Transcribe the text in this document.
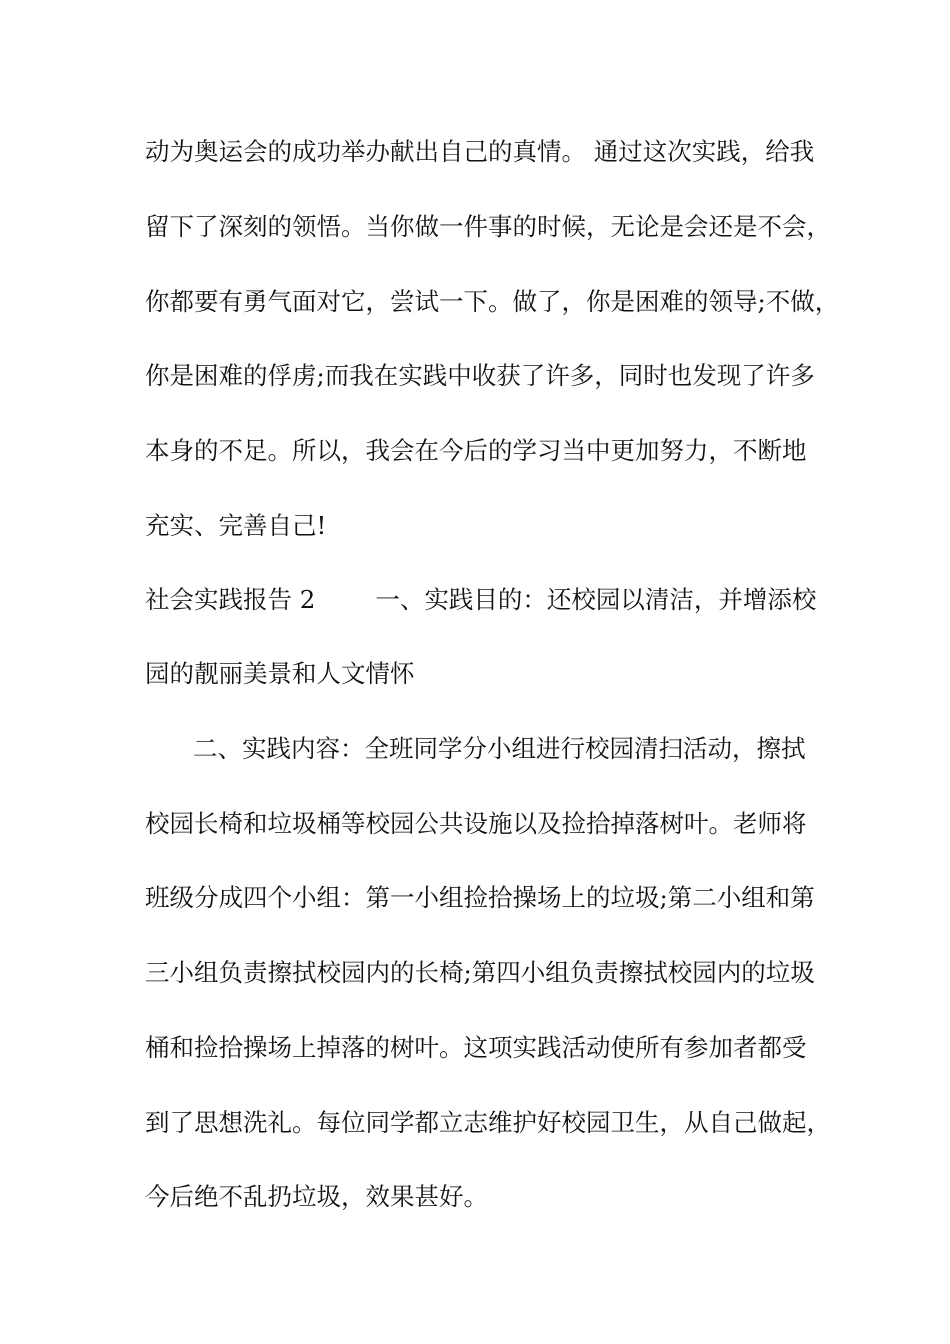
动为奥运会的成功举办献出自己的真情。 通过这次实践，给我
留下了深刻的领悟。当你做一件事的时候，无论是会还是不会，
你都要有勇气面对它，尝试一下。做了，你是困难的领导;不做，
你是困难的俘虏;而我在实践中收获了许多，同时也发现了许多
本身的不足。所以，我会在今后的学习当中更加努力，不断地
充实、完善自己!
社会实践报告 2 一、实践目的：还校园以清洁，并增添校
园的靓丽美景和人文情怀
二、实践内容：全班同学分小组进行校园清扫活动，擦拭
校园长椅和垃圾桶等校园公共设施以及捡拾掉落树叶。老师将
班级分成四个小组：第一小组捡拾操场上的垃圾;第二小组和第
三小组负责擦拭校园内的长椅;第四小组负责擦拭校园内的垃圾
桶和捡拾操场上掉落的树叶。这项实践活动使所有参加者都受
到了思想洗礼。每位同学都立志维护好校园卫生，从自己做起，
今后绝不乱扔垃圾，效果甚好。
